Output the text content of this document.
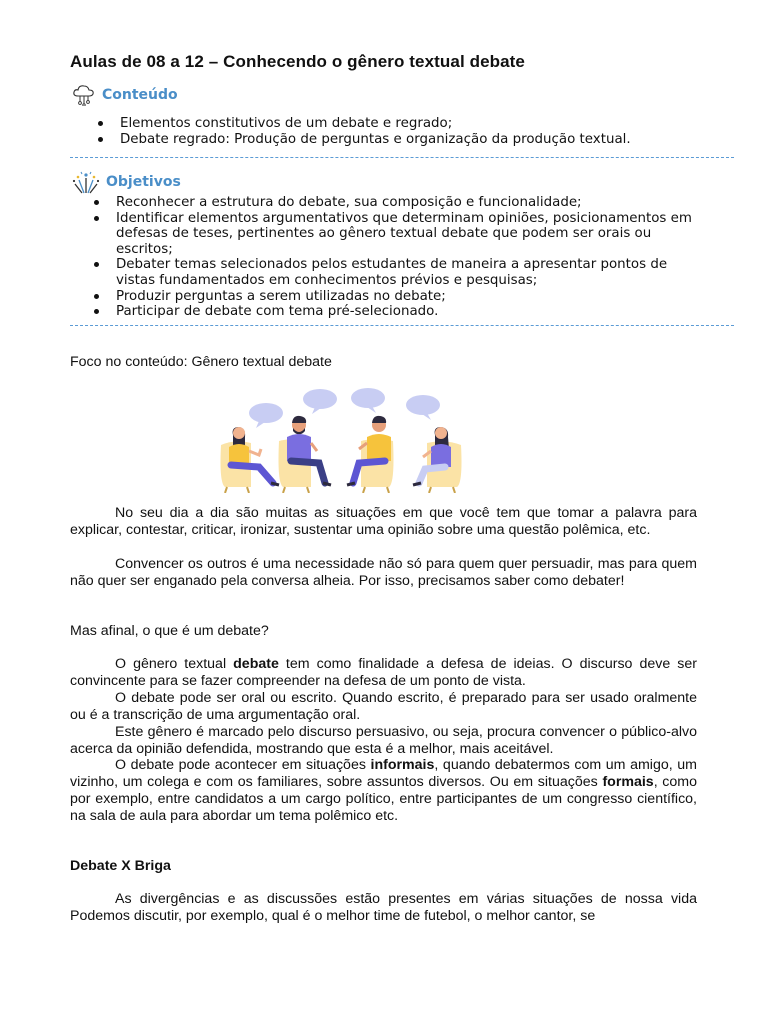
Aulas de 08 a 12 – Conhecendo o gênero textual debate
Conteúdo
Elementos constitutivos de um debate e regrado;
Debate regrado: Produção de perguntas e organização da produção textual.
Objetivos
Reconhecer a estrutura do debate, sua composição e funcionalidade;
Identificar elementos argumentativos que determinam opiniões, posicionamentos em defesas de teses, pertinentes ao gênero textual debate que podem ser orais ou escritos;
Debater temas selecionados pelos estudantes de maneira a apresentar pontos de vistas fundamentados em conhecimentos prévios e pesquisas;
Produzir perguntas a serem utilizadas no debate;
Participar de debate com tema pré-selecionado.

Foco no conteúdo: Gênero textual debate

No seu dia a dia são muitas as situações em que você tem que tomar a palavra para explicar, contestar, criticar, ironizar, sustentar uma opinião sobre uma questão polêmica, etc.

Convencer os outros é uma necessidade não só para quem quer persuadir, mas para quem não quer ser enganado pela conversa alheia. Por isso, precisamos saber como debater!

Mas afinal, o que é um debate?

O gênero textual debate tem como finalidade a defesa de ideias. O discurso deve ser convincente para se fazer compreender na defesa de um ponto de vista.

O debate pode ser oral ou escrito. Quando escrito, é preparado para ser usado oralmente ou é a transcrição de uma argumentação oral.

Este gênero é marcado pelo discurso persuasivo, ou seja, procura convencer o público-alvo acerca da opinião defendida, mostrando que esta é a melhor, mais aceitável.

O debate pode acontecer em situações informais, quando debatermos com um amigo, um vizinho, um colega e com os familiares, sobre assuntos diversos. Ou em situações formais, como por exemplo, entre candidatos a um cargo político, entre participantes de um congresso científico, na sala de aula para abordar um tema polêmico etc.

Debate X Briga

As divergências e as discussões estão presentes em várias situações de nossa vida Podemos discutir, por exemplo, qual é o melhor time de futebol, o melhor cantor, se
